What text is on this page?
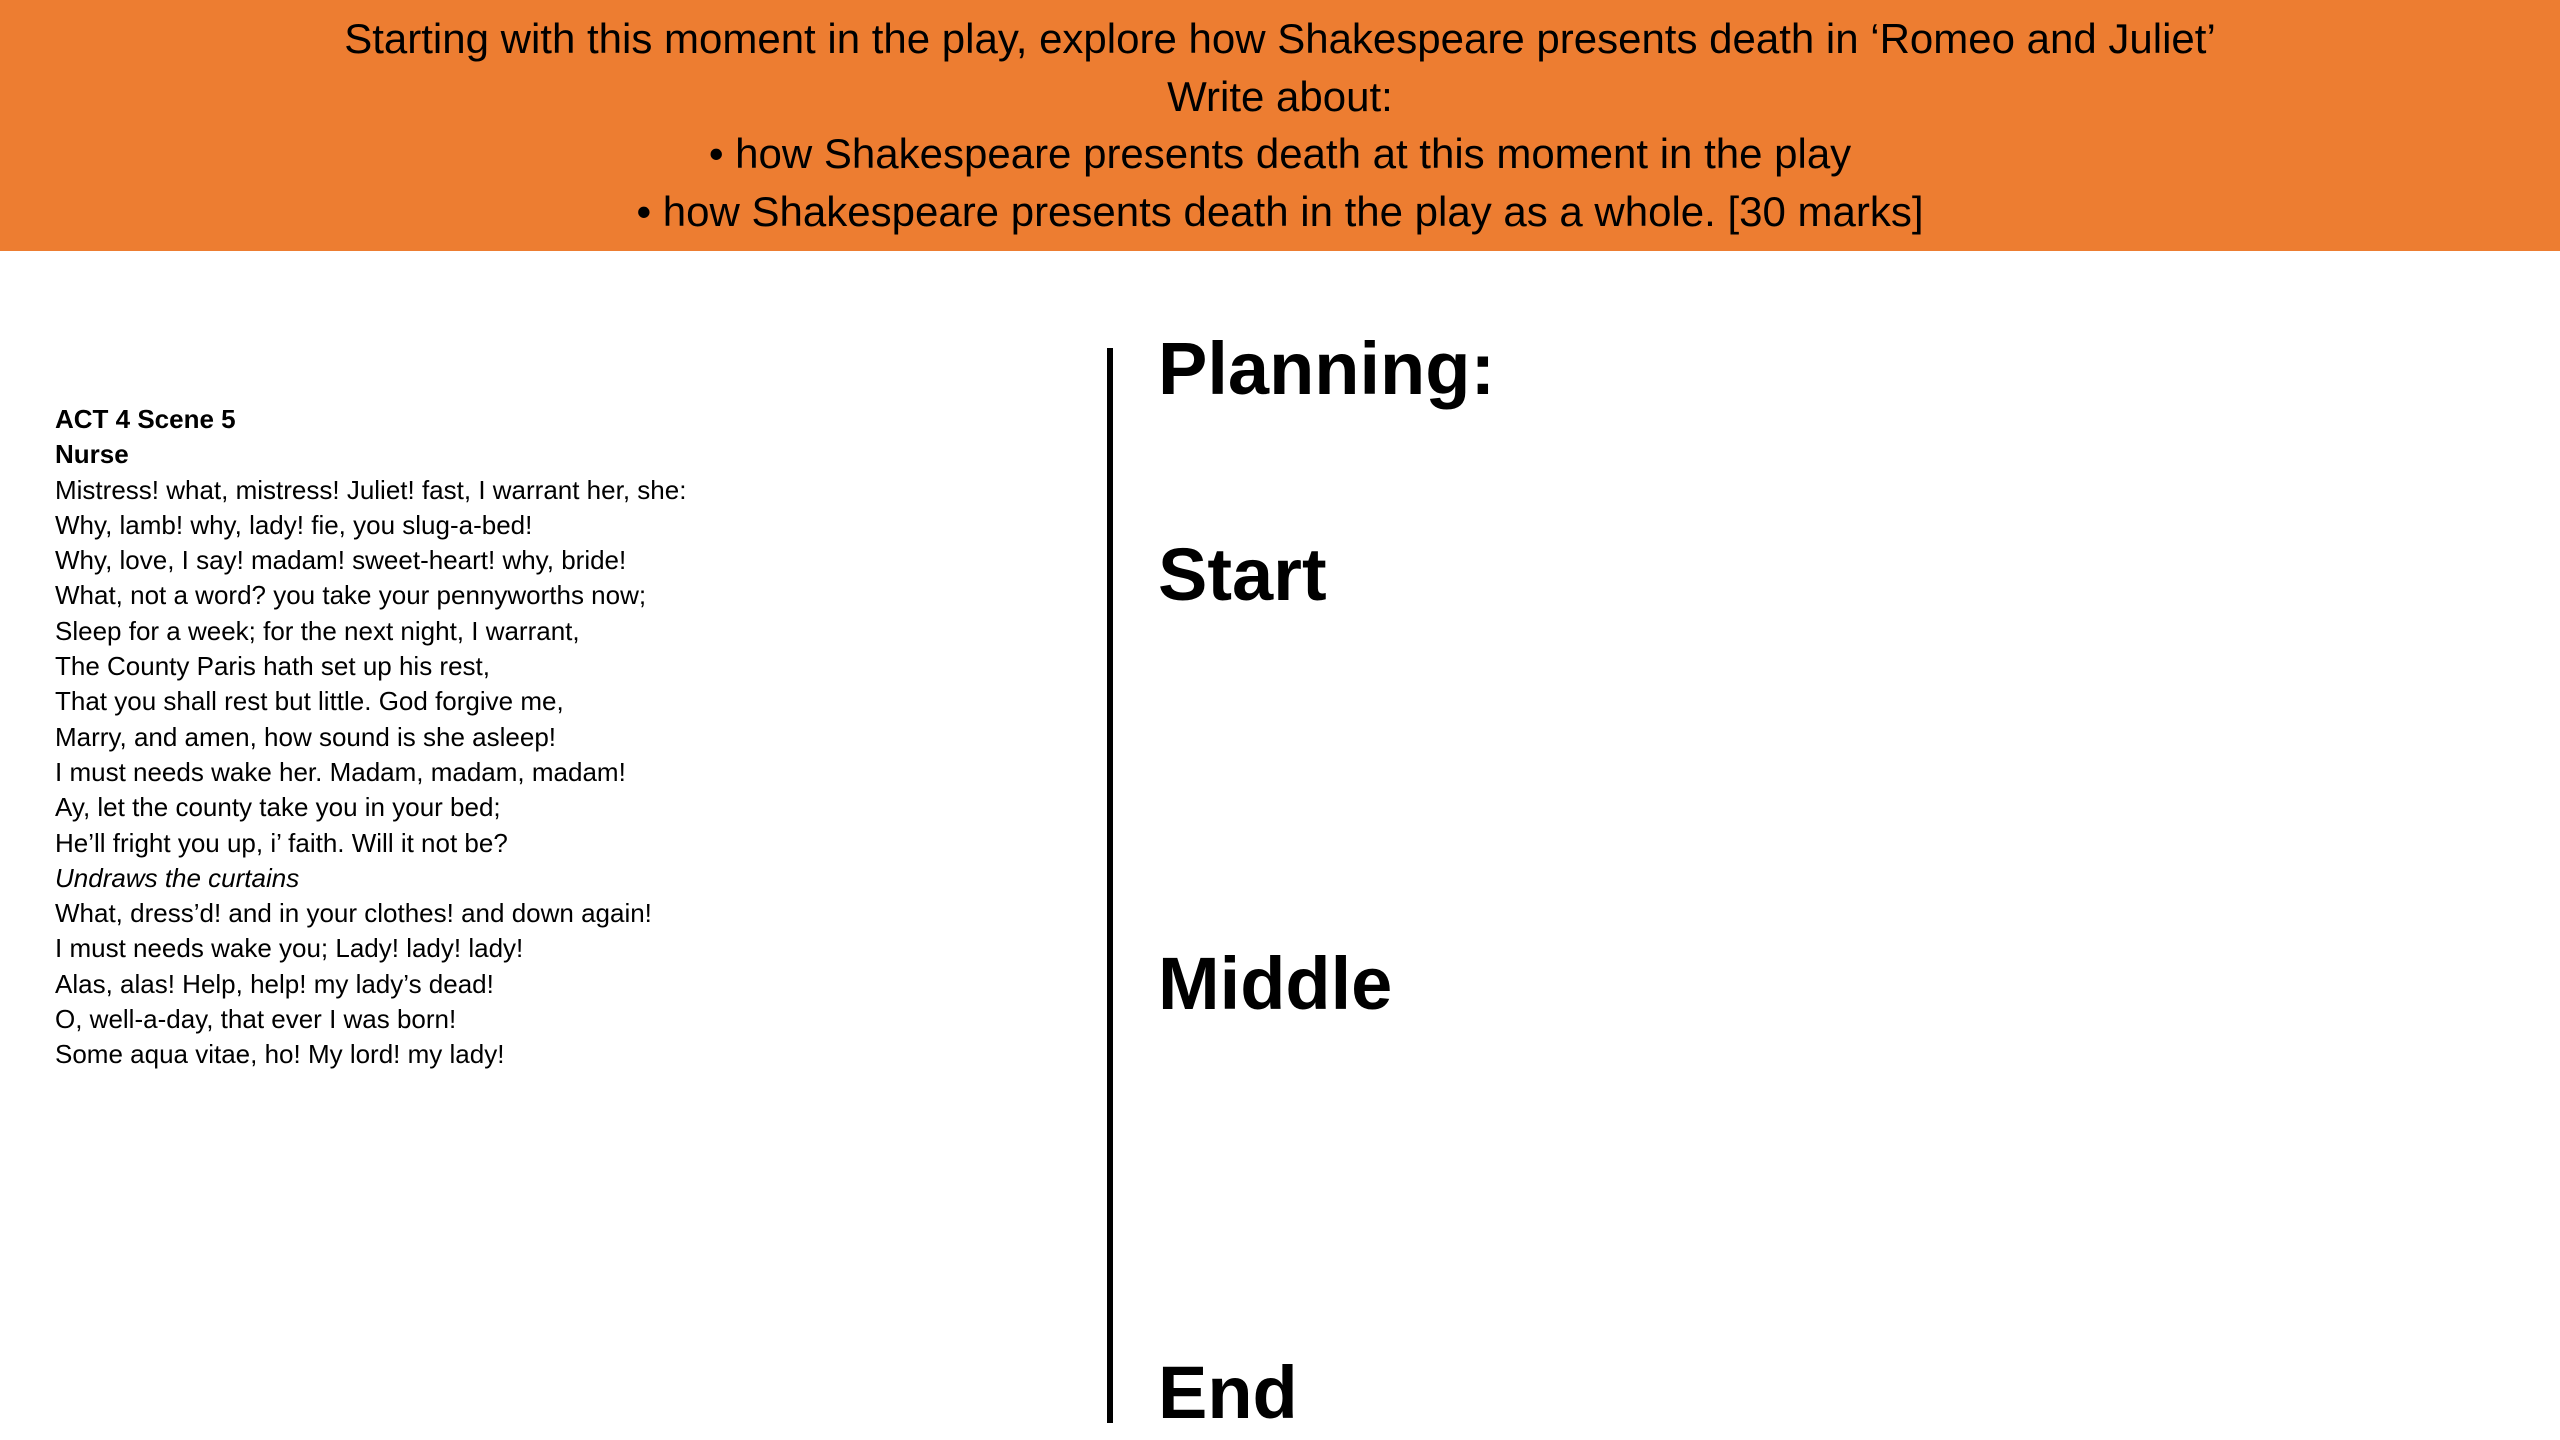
Starting with this moment in the play, explore how Shakespeare presents death in ‘Romeo and Juliet’
Write about:
• how Shakespeare presents death at this moment in the play
• how Shakespeare presents death in the play as a whole. [30 marks]
ACT 4 Scene 5
Nurse
Mistress! what, mistress! Juliet! fast, I warrant her, she:
Why, lamb! why, lady! fie, you slug-a-bed!
Why, love, I say! madam! sweet-heart! why, bride!
What, not a word? you take your pennyworths now;
Sleep for a week; for the next night, I warrant,
The County Paris hath set up his rest,
That you shall rest but little. God forgive me,
Marry, and amen, how sound is she asleep!
I must needs wake her. Madam, madam, madam!
Ay, let the county take you in your bed;
He’ll fright you up, i’ faith. Will it not be?
Undraws the curtains
What, dress’d! and in your clothes! and down again!
I must needs wake you; Lady! lady! lady!
Alas, alas! Help, help! my lady’s dead!
O, well-a-day, that ever I was born!
Some aqua vitae, ho! My lord! my lady!
Planning:
Start
Middle
End
